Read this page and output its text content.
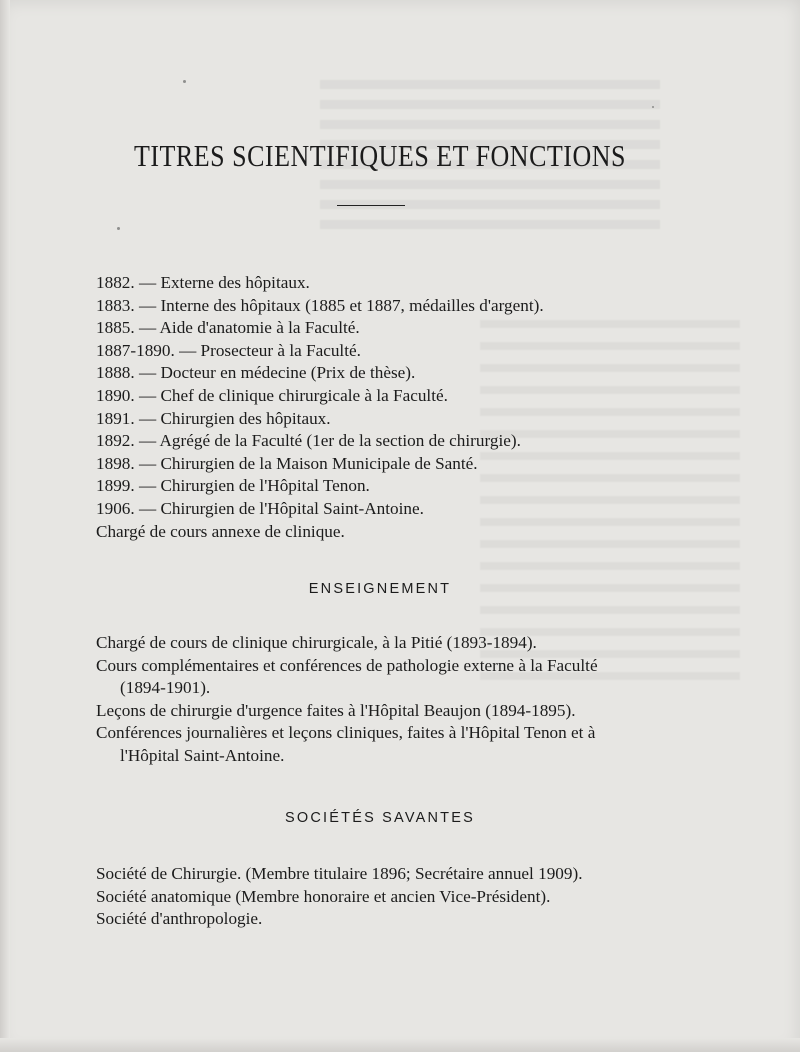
TITRES SCIENTIFIQUES ET FONCTIONS
1882. — Externe des hôpitaux.
1883. — Interne des hôpitaux (1885 et 1887, médailles d'argent).
1885. — Aide d'anatomie à la Faculté.
1887-1890. — Prosecteur à la Faculté.
1888. — Docteur en médecine (Prix de thèse).
1890. — Chef de clinique chirurgicale à la Faculté.
1891. — Chirurgien des hôpitaux.
1892. — Agrégé de la Faculté (1er de la section de chirurgie).
1898. — Chirurgien de la Maison Municipale de Santé.
1899. — Chirurgien de l'Hôpital Tenon.
1906. — Chirurgien de l'Hôpital Saint-Antoine.
Chargé de cours annexe de clinique.
ENSEIGNEMENT
Chargé de cours de clinique chirurgicale, à la Pitié (1893-1894).
Cours complémentaires et conférences de pathologie externe à la Faculté
(1894-1901).
Leçons de chirurgie d'urgence faites à l'Hôpital Beaujon (1894-1895).
Conférences journalières et leçons cliniques, faites à l'Hôpital Tenon et à
l'Hôpital Saint-Antoine.
SOCIÉTÉS SAVANTES
Société de Chirurgie. (Membre titulaire 1896; Secrétaire annuel 1909).
Société anatomique (Membre honoraire et ancien Vice-Président).
Société d'anthropologie.
